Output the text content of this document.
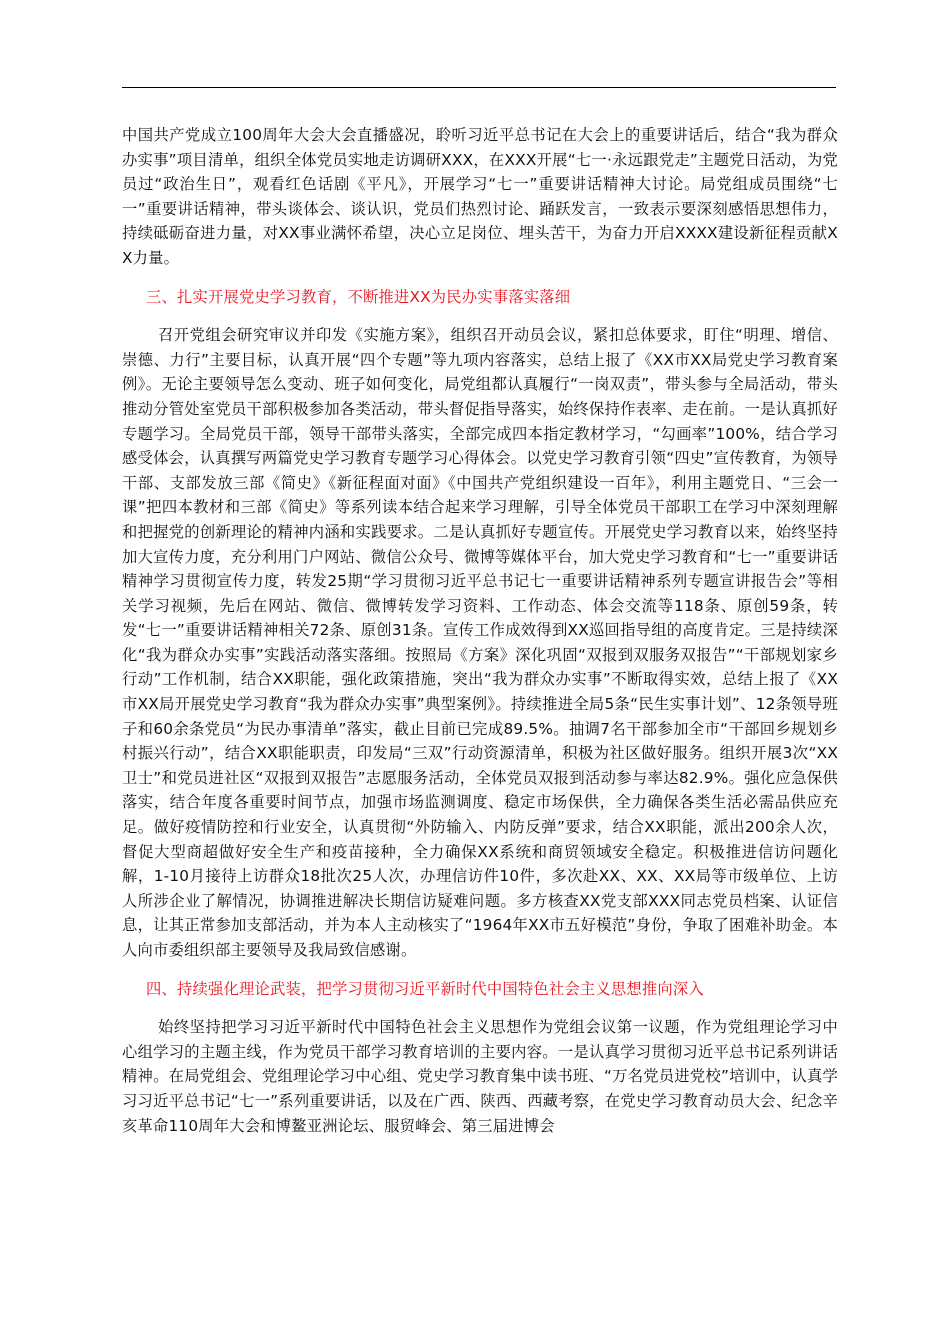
中国共产党成立100周年大会大会直播盛况，聆听习近平总书记在大会上的重要讲话后，结合“我为群众办实事”项目清单，组织全体党员实地走访调研XXX，在XXX开展“七一·永远跟党走”主题党日活动，为党员过“政治生日”，观看红色话剧《平凡》，开展学习“七一”重要讲话精神大讨论。局党组成员围绕“七一”重要讲话精神，带头谈体会、谈认识，党员们热烈讨论、踊跃发言，一致表示要深刻感悟思想伟力，持续砥砺奋进力量，对XX事业满怀希望，决心立足岗位、埋头苦干，为奋力开启XXXX建设新征程贡献XX力量。

三、扎实开展党史学习教育，不断推进XX为民办实事落实落细

召开党组会研究审议并印发《实施方案》，组织召开动员会议，紧扣总体要求，盯住“明理、增信、崇德、力行”主要目标，认真开展“四个专题”等九项内容落实，总结上报了《XX市XX局党史学习教育案例》。无论主要领导怎么变动、班子如何变化，局党组都认真履行“一岗双责”，带头参与全局活动，带头推动分管处室党员干部积极参加各类活动，带头督促指导落实，始终保持作表率、走在前。一是认真抓好专题学习。全局党员干部，领导干部带头落实，全部完成四本指定教材学习，“勾画率”100%，结合学习感受体会，认真撰写两篇党史学习教育专题学习心得体会。以党史学习教育引领“四史”宣传教育，为领导干部、支部发放三部《简史》《新征程面对面》《中国共产党组织建设一百年》，利用主题党日、“三会一课”把四本教材和三部《简史》等系列读本结合起来学习理解，引导全体党员干部职工在学习中深刻理解和把握党的创新理论的精神内涵和实践要求。二是认真抓好专题宣传。开展党史学习教育以来，始终坚持加大宣传力度，充分利用门户网站、微信公众号、微博等媒体平台，加大党史学习教育和“七一”重要讲话精神学习贯彻宣传力度，转发25期“学习贯彻习近平总书记七一重要讲话精神系列专题宣讲报告会”等相关学习视频，先后在网站、微信、微博转发学习资料、工作动态、体会交流等118条、原创59条，转发“七一”重要讲话精神相关72条、原创31条。宣传工作成效得到XX巡回指导组的高度肯定。三是持续深化“我为群众办实事”实践活动落实落细。按照局《方案》深化巩固“双报到双服务双报告”“干部规划家乡行动”工作机制，结合XX职能，强化政策措施，突出“我为群众办实事”不断取得实效，总结上报了《XX市XX局开展党史学习教育“我为群众办实事”典型案例》。持续推进全局5条“民生实事计划”、12条领导班子和60余条党员“为民办事清单”落实，截止目前已完成89.5%。抽调7名干部参加全市“干部回乡规划乡村振兴行动”，结合XX职能职责，印发局“三双”行动资源清单，积极为社区做好服务。组织开展3次“XX卫士”和党员进社区“双报到双报告”志愿服务活动，全体党员双报到活动参与率达82.9%。强化应急保供落实，结合年度各重要时间节点，加强市场监测调度、稳定市场保供，全力确保各类生活必需品供应充足。做好疫情防控和行业安全，认真贯彻“外防输入、内防反弹”要求，结合XX职能，派出200余人次，督促大型商超做好安全生产和疫苗接种，全力确保XX系统和商贸领域安全稳定。积极推进信访问题化解，1-10月接待上访群众18批次25人次，办理信访件10件，多次赴XX、XX、XX局等市级单位、上访人所涉企业了解情况，协调推进解决长期信访疑难问题。多方核查XX党支部XXX同志党员档案、认证信息，让其正常参加支部活动，并为本人主动核实了“1964年XX市五好模范”身份，争取了困难补助金。本人向市委组织部主要领导及我局致信感谢。

四、持续强化理论武装，把学习贯彻习近平新时代中国特色社会主义思想推向深入

始终坚持把学习习近平新时代中国特色社会主义思想作为党组会议第一议题，作为党组理论学习中心组学习的主题主线，作为党员干部学习教育培训的主要内容。一是认真学习贯彻习近平总书记系列讲话精神。在局党组会、党组理论学习中心组、党史学习教育集中读书班、“万名党员进党校”培训中，认真学习习近平总书记“七一”系列重要讲话，以及在广西、陕西、西藏考察，在党史学习教育动员大会、纪念辛亥革命110周年大会和博鳌亚洲论坛、服贸峰会、第三届进博会
